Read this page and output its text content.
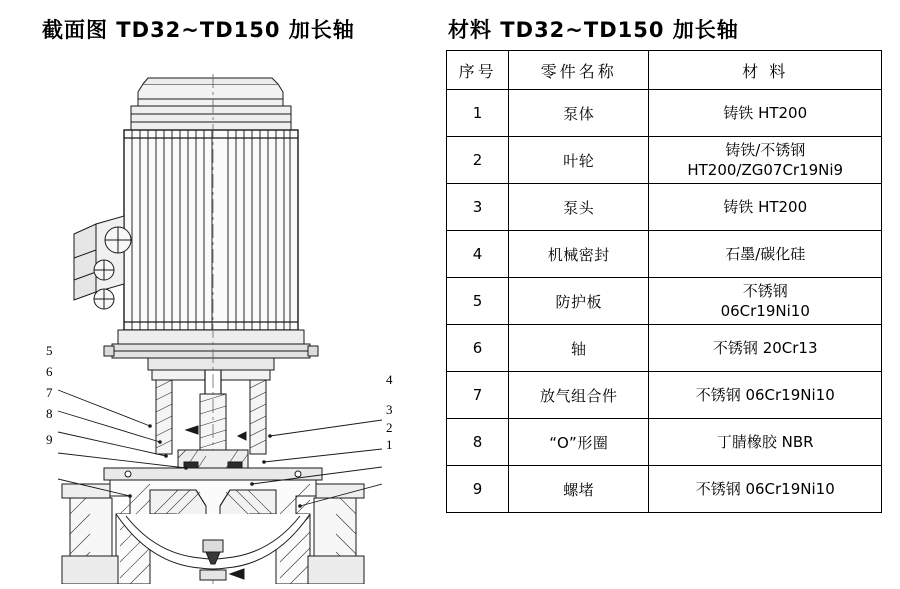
截面图 TD32~TD150 加长轴
5
6
7
8
9
4
3
2
1
材料 TD32~TD150 加长轴
序号	零件名称	材 料
1	泵体	铸铁 HT200
2	叶轮	铸铁/不锈钢
HT200/ZG07Cr19Ni9

3	泵头	铸铁 HT200
4	机械密封	石墨/碳化硅
5	防护板	不锈钢
06Cr19Ni10

6	轴	不锈钢 20Cr13
7	放气组合件	不锈钢 06Cr19Ni10
8	“O”形圈	丁腈橡胶 NBR
9	螺堵	不锈钢 06Cr19Ni10
